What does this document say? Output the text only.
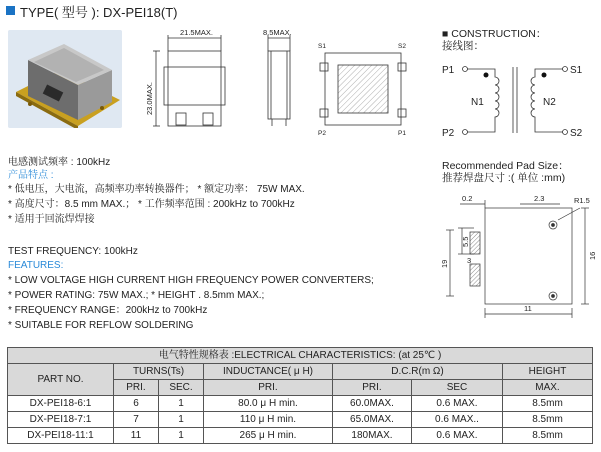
TYPE( 型号 ): DX-PEI18(T)
21.5MAX.	8.5MAX.
23.0MAX.
S1	S2
P2	P1
■ CONSTRUCTION：
接线图：
P1
P2
S1
S2
N1	N2
Recommended Pad Size：
推荐焊盘尺寸 :( 单位 :mm)
0.2	2.3	R1.5
5.5
3
19
16
11
电感测试频率 : 100kHz
产品特点 :
* 低电压，大电流，高频率功率转换器件； * 额定功率： 75W MAX.
* 高度尺寸：8.5 mm MAX.； * 工作频率范围 : 200kHz to 700kHz
* 适用于回流焊焊接
TEST FREQUENCY: 100kHz
FEATURES:
* LOW VOLTAGE HIGH CURRENT HIGH FREQUENCY POWER CONVERTERS;
* POWER RATING: 75W MAX.; * HEIGHT . 8.5mm MAX.;
* FREQUENCY RANGE：200kHz to 700kHz
* SUITABLE FOR REFLOW SOLDERING
电气特性规格表 :ELECTRICAL CHARACTERISTICS: (at 25℃ )						
PART NO.	TURNS(Ts)		INDUCTANCE( μ H)	D.C.R(m Ω)		HEIGHT
	PRI.	SEC.	PRI.	PRI.	SEC	MAX.
DX-PEI18-6:1	6	1	80.0 μ H min.	60.0MAX.	0.6 MAX.	8.5mm
DX-PEI18-7:1	7	1	110 μ H min.	65.0MAX.	0.6 MAX..	8.5mm
DX-PEI18-11:1	11	1	265 μ H min.	180MAX.	0.6 MAX.	8.5mm
